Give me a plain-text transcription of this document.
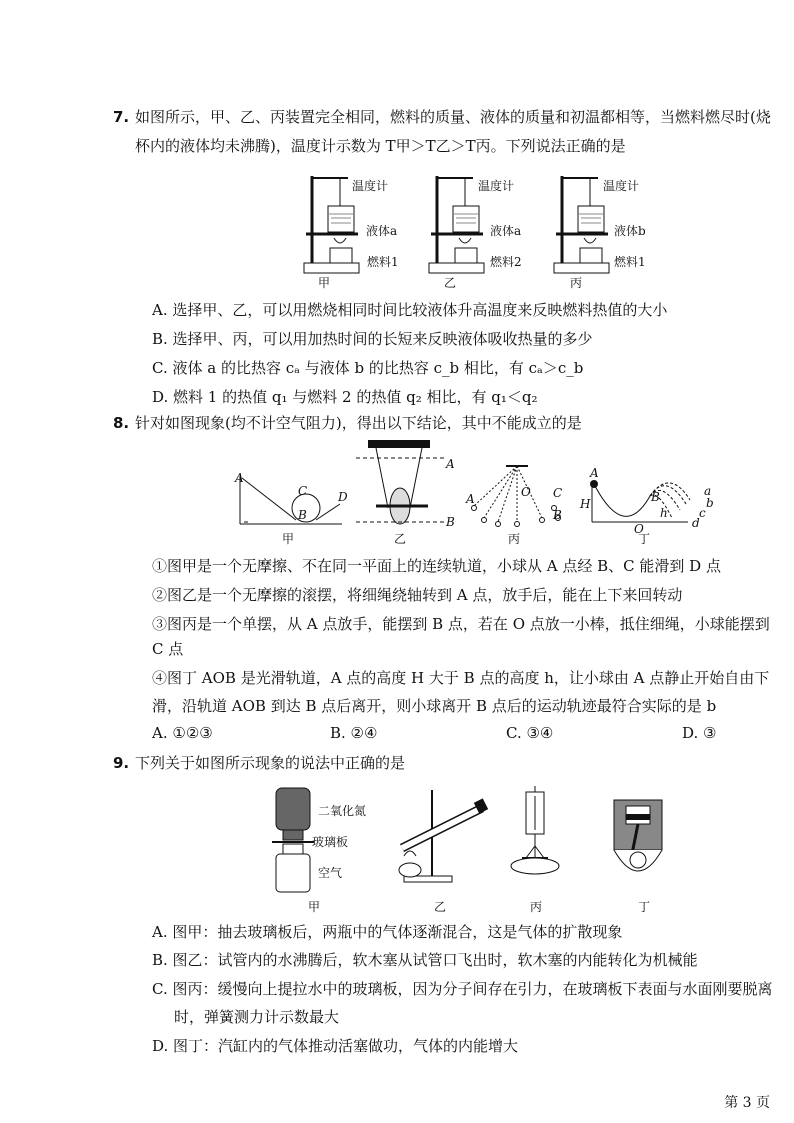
7. 如图所示，甲、乙、丙装置完全相同，燃料的质量、液体的质量和初温都相等，当燃料燃尽时(烧
杯内的液体均未沸腾)，温度计示数为 T甲＞T乙＞T丙。下列说法正确的是
温度计
液体a
燃料1
甲
温度计
液体a
燃料2
乙
温度计
液体b
燃料1
丙
A. 选择甲、乙，可以用燃烧相同时间比较液体升高温度来反映燃料热值的大小
B. 选择甲、丙，可以用加热时间的长短来反映液体吸收热量的多少
C. 液体 a 的比热容 cₐ 与液体 b 的比热容 c_b 相比，有 cₐ＞c_b
D. 燃料 1 的热值 q₁ 与燃料 2 的热值 q₂ 相比，有 q₁＜q₂
8. 针对如图现象(均不计空气阻力)，得出以下结论，其中不能成立的是
A
C
B
D
甲
A
B
乙
A	O C
B
丙
A
H	B
h
O
a
b
c
d
丁
①图甲是一个无摩擦、不在同一平面上的连续轨道，小球从 A 点经 B、C 能滑到 D 点
②图乙是一个无摩擦的滚摆，将细绳绕轴转到 A 点，放手后，能在上下来回转动
③图丙是一个单摆，从 A 点放手，能摆到 B 点，若在 O 点放一小棒，抵住细绳，小球能摆到
C 点
④图丁 AOB 是光滑轨道，A 点的高度 H 大于 B 点的高度 h，让小球由 A 点静止开始自由下
滑，沿轨道 AOB 到达 B 点后离开，则小球离开 B 点后的运动轨迹最符合实际的是 b
A. ①②③	B. ②④	C. ③④	D. ③
9. 下列关于如图所示现象的说法中正确的是
二氧化氮
玻璃板
空气
甲	乙	丙	丁
A. 图甲：抽去玻璃板后，两瓶中的气体逐渐混合，这是气体的扩散现象
B. 图乙：试管内的水沸腾后，软木塞从试管口飞出时，软木塞的内能转化为机械能
C. 图丙：缓慢向上提拉水中的玻璃板，因为分子间存在引力，在玻璃板下表面与水面刚要脱离
时，弹簧测力计示数最大
D. 图丁：汽缸内的气体推动活塞做功，气体的内能增大
第 3 页
